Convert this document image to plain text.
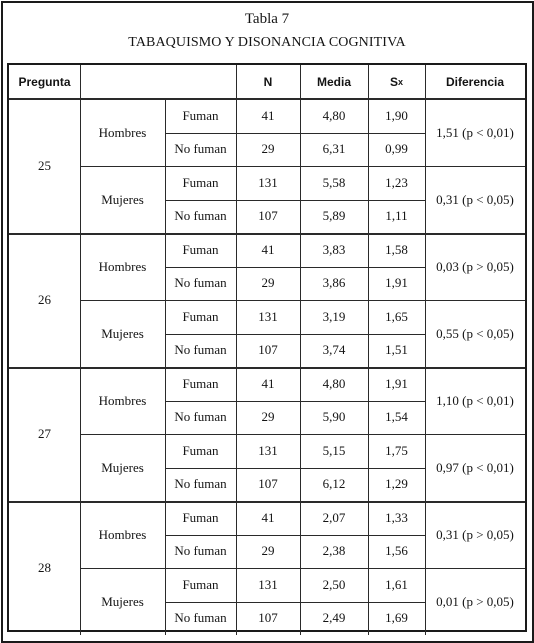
Tabla 7
TABAQUISMO Y DISONANCIA COGNITIVA
Pregunta	N	Media	S x	Diferencia
25
Hombres	1,51 (p < 0,01)
Fuman	41	4,80	1,90
No fuman	29	6,31	0,99
Mujeres	0,31 (p < 0,05)
Fuman	131	5,58	1,23
No fuman	107	5,89	1,11
26
Hombres	0,03 (p > 0,05)
Fuman	41	3,83	1,58
No fuman	29	3,86	1,91
Mujeres	0,55 (p < 0,05)
Fuman	131	3,19	1,65
No fuman	107	3,74	1,51
27
Hombres	1,10 (p < 0,01)
Fuman	41	4,80	1,91
No fuman	29	5,90	1,54
Mujeres	0,97 (p < 0,01)
Fuman	131	5,15	1,75
No fuman	107	6,12	1,29
28
Hombres	0,31 (p > 0,05)
Fuman	41	2,07	1,33
No fuman	29	2,38	1,56
Mujeres	0,01 (p > 0,05)
Fuman	131	2,50	1,61
No fuman	107	2,49	1,69
